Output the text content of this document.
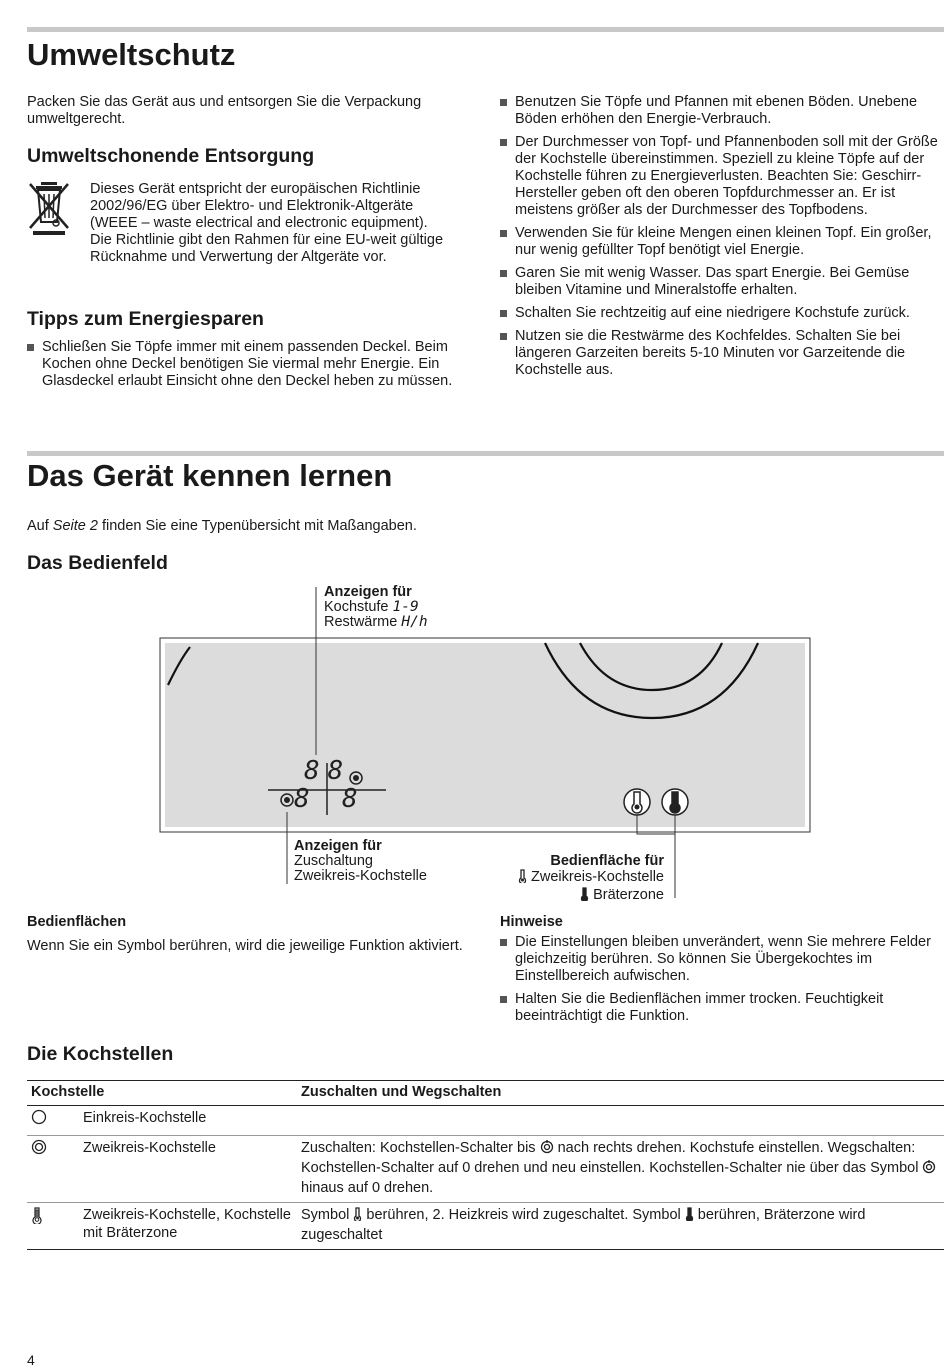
Umweltschutz

Packen Sie das Gerät aus und entsorgen Sie die Verpackung umweltgerecht.

Umweltschonende Entsorgung

Dieses Gerät entspricht der europäischen Richtlinie 2002/96/EG über Elektro- und Elektronik-Altgeräte (WEEE – waste electrical and electronic equipment). Die Richtlinie gibt den Rahmen für eine EU-weit gültige Rücknahme und Verwertung der Altgeräte vor.

Tipps zum Energiesparen
Schließen Sie Töpfe immer mit einem passenden Deckel. Beim Kochen ohne Deckel benötigen Sie viermal mehr Energie. Ein Glasdeckel erlaubt Einsicht ohne den Deckel heben zu müssen.
Benutzen Sie Töpfe und Pfannen mit ebenen Böden. Unebene Böden erhöhen den Energie-Verbrauch.
Der Durchmesser von Topf- und Pfannenboden soll mit der Größe der Kochstelle übereinstimmen. Speziell zu kleine Töpfe auf der Kochstelle führen zu Energieverlusten. Beachten Sie: Geschirr-Hersteller geben oft den oberen Topfdurchmesser an. Er ist meistens größer als der Durchmesser des Topfbodens.
Verwenden Sie für kleine Mengen einen kleinen Topf. Ein großer, nur wenig gefüllter Topf benötigt viel Energie.
Garen Sie mit wenig Wasser. Das spart Energie. Bei Gemüse bleiben Vitamine und Mineralstoffe erhalten.
Schalten Sie rechtzeitig auf eine niedrigere Kochstufe zurück.
Nutzen sie die Restwärme des Kochfeldes. Schalten Sie bei längeren Garzeiten bereits 5-10 Minuten vor Garzeitende die Kochstelle aus.
Das Gerät kennen lernen

Auf Seite 2 finden Sie eine Typenübersicht mit Maßangaben.

Das Bedienfeld
8 8
8 8
Anzeigen für
Kochstufe 1-9
Restwärme H/h
Anzeigen für
Zuschaltung
Zweikreis-Kochstelle
Bedienfläche für
Zweikreis-Kochstelle
Bräterzone

Bedienflächen

Wenn Sie ein Symbol berühren, wird die jeweilige Funktion aktiviert.

Hinweise

Die Einstellungen bleiben unverändert, wenn Sie mehrere Felder gleichzeitig berühren. So können Sie Übergekochtes im Einstellbereich aufwischen.
Halten Sie die Bedienflächen immer trocken. Feuchtigkeit beeinträchtigt die Funktion.
Die Kochstellen
Kochstelle		Zuschalten und Wegschalten
	Einkreis-Kochstelle	
	Zweikreis-Kochstelle	Zuschalten: Kochstellen-Schalter bis  nach rechts drehen. Kochstufe einstellen. Wegschalten: Kochstellen-Schalter auf 0 drehen und neu einstellen. Kochstellen-Schalter nie über das Symbol  hinaus auf 0 drehen.
	Zweikreis-Kochstelle, Kochstelle mit Bräterzone	Symbol  berühren, 2. Heizkreis wird zugeschaltet. Symbol  berühren, Bräterzone wird zugeschaltet
4
